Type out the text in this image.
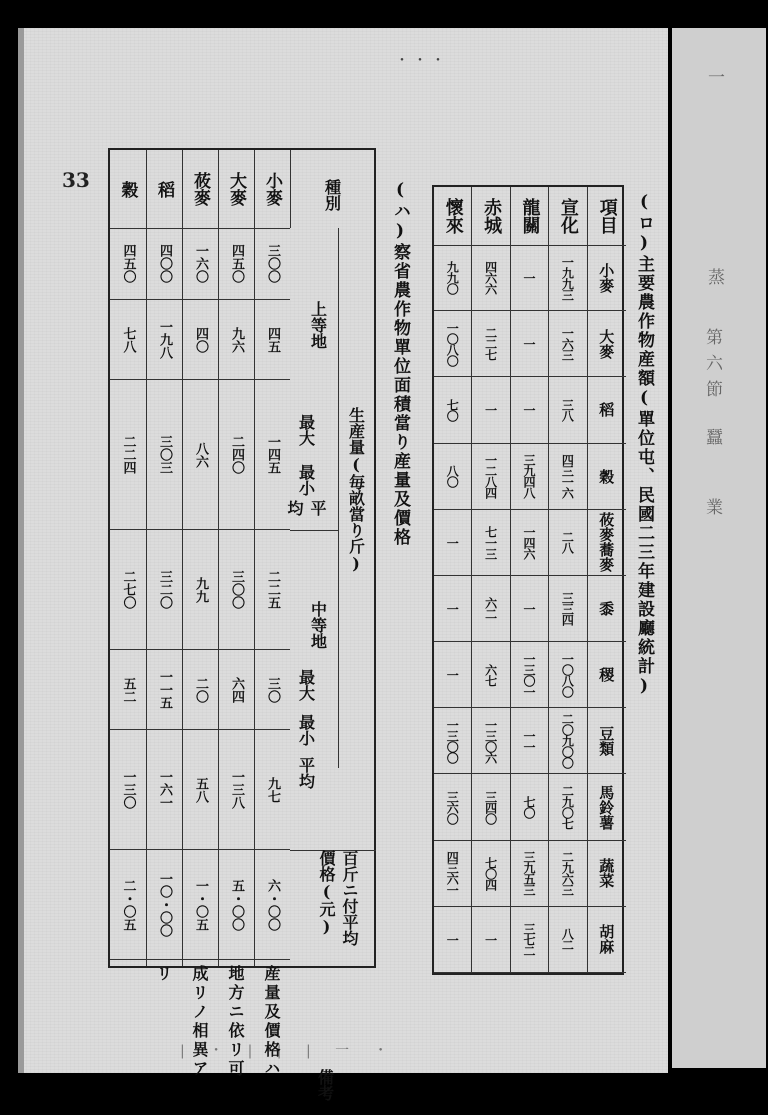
一
蒸
第
六
節
蠶
業
・・・
33
| ・ | | | 一 ・
(ロ)主要農作物産額(單位屯、民國二三年建設廳統計)
懷來
九九〇
一〇八〇
七〇
八〇
一
一
一
一三〇〇
三六〇
四三六一
一
赤城
四六六
二二七
一
一二八四
七一三
六二
六七
一三〇六
三四〇
七〇四
一
龍關
一
一
一
三九四八
一四六
一
一三〇一
一一
七〇
三九五三
三七二
宣化
一九九三
一六三
三八
四三一六
二八
三三四
一〇八〇
二〇九〇〇
二九〇七
二九六三
八二
項目
小麥
大麥
稻
穀
莜麥蕎麥
黍
稷
豆類
馬鈴薯
蔬菜
胡麻
(ハ)察省農作物單位面積當り産量及價格
種別
生産量(毎畝當り斤)
上等地
中等地
最大
最小
平均
最大
最小
平均
百斤ニ付平均價格(元)
備考
小麥
三〇〇
四五
一四五
二二五
三〇
九七
六・〇〇
大麥
四五〇
九六
二四〇
三〇〇
六四
一三八
五・〇〇
莜麥
一六〇
四〇
八六
九九
二〇
五八
一・〇五
稻
四〇〇
一九八
三〇三
三二〇
一一五
一六一
一〇・〇〇
穀
四五〇
七八
二二四
二七〇
五二
一三〇
二・〇五
産量及價格ハ
地方ニ依リ可
成リノ相異ア
リ
